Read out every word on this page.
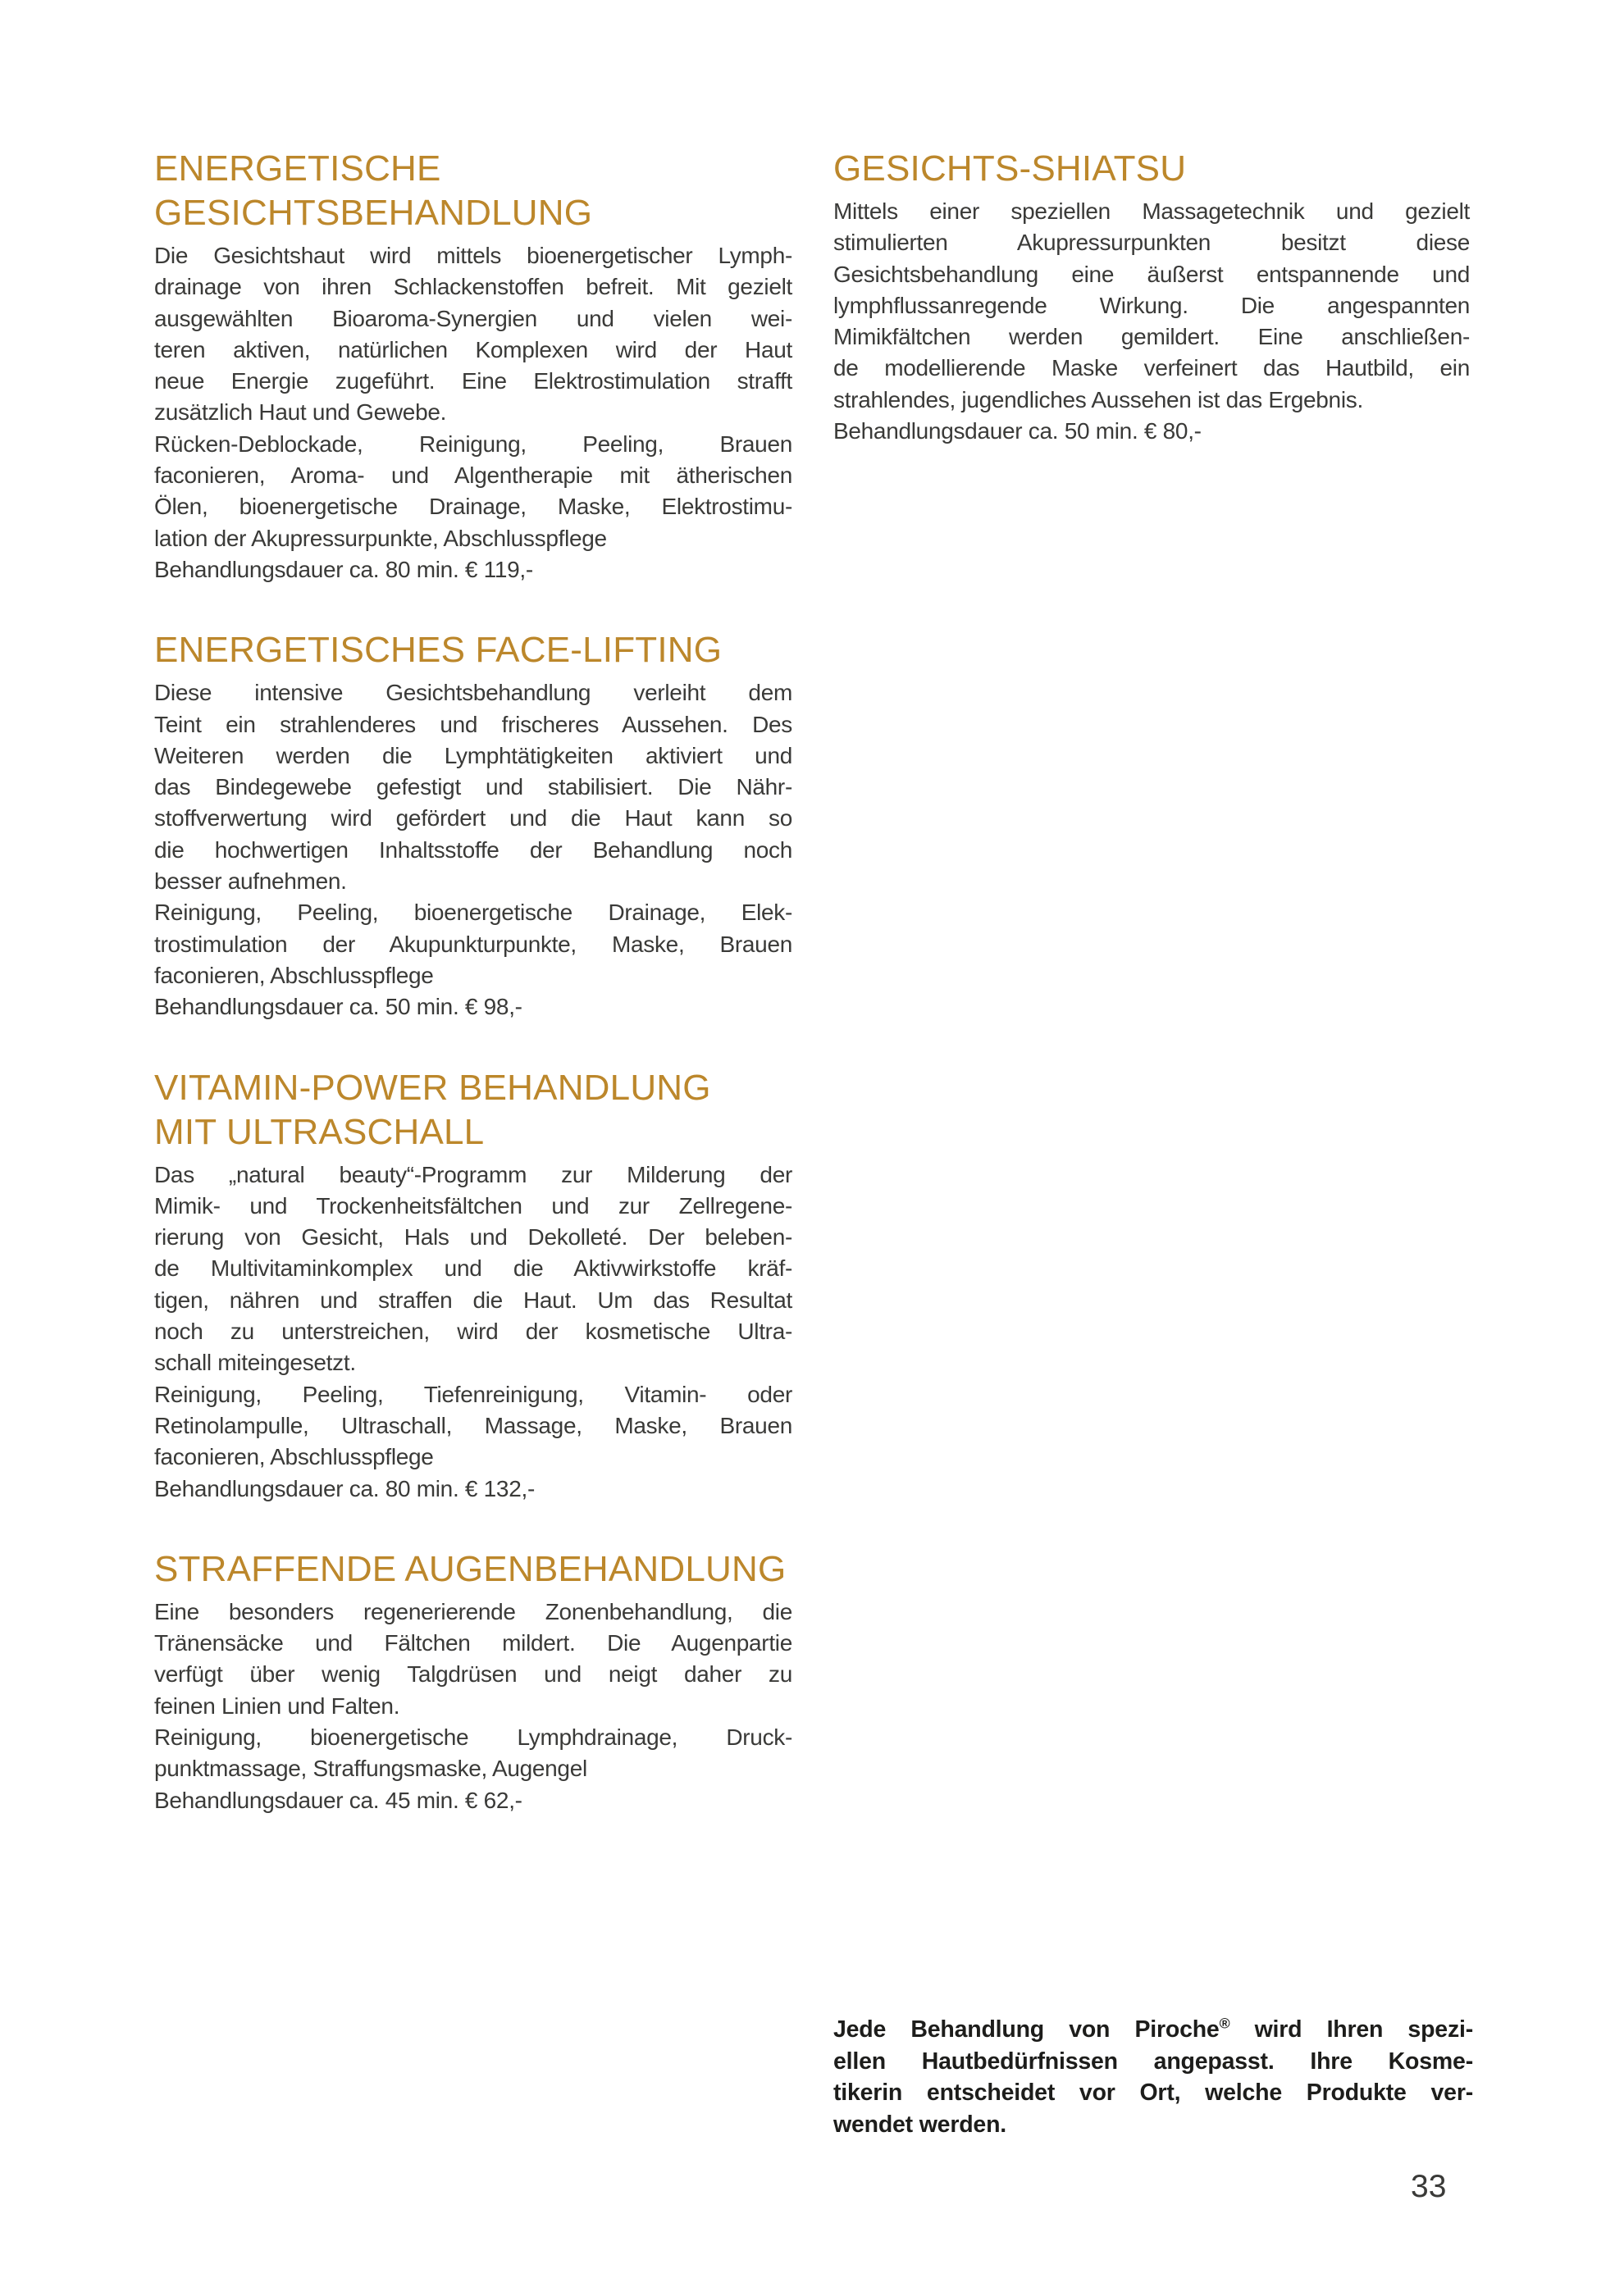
ENERGETISCHE
GESICHTSBEHANDLUNG
Die Gesichtshaut wird mittels bioenergetischer Lymph-
drainage von ihren Schlackenstoffen befreit. Mit gezielt
ausgewählten Bioaroma-Synergien und vielen wei-
teren aktiven, natürlichen Komplexen wird der Haut
neue Energie zugeführt. Eine Elektrostimulation strafft
zusätzlich Haut und Gewebe.
Rücken-Deblockade, Reinigung, Peeling, Brauen
faconieren, Aroma- und Algentherapie mit ätherischen
Ölen, bioenergetische Drainage, Maske, Elektrostimu-
lation der Akupressurpunkte, Abschlusspflege
Behandlungsdauer ca. 80 min. € 119,-
ENERGETISCHES FACE-LIFTING
Diese intensive Gesichtsbehandlung verleiht dem
Teint ein strahlenderes und frischeres Aussehen. Des
Weiteren werden die Lymphtätigkeiten aktiviert und
das Bindegewebe gefestigt und stabilisiert. Die Nähr-
stoffverwertung wird gefördert und die Haut kann so
die hochwertigen Inhaltsstoffe der Behandlung noch
besser aufnehmen.
Reinigung, Peeling, bioenergetische Drainage, Elek-
trostimulation der Akupunkturpunkte, Maske, Brauen
faconieren, Abschlusspflege
Behandlungsdauer ca. 50 min. € 98,-
VITAMIN-POWER BEHANDLUNG
MIT ULTRASCHALL
Das „natural beauty“-Programm zur Milderung der
Mimik- und Trockenheitsfältchen und zur Zellregene-
rierung von Gesicht, Hals und Dekolleté. Der beleben-
de Multivitaminkomplex und die Aktivwirkstoffe kräf-
tigen, nähren und straffen die Haut. Um das Resultat
noch zu unterstreichen, wird der kosmetische Ultra-
schall miteingesetzt.
Reinigung, Peeling, Tiefenreinigung, Vitamin- oder
Retinolampulle, Ultraschall, Massage, Maske, Brauen
faconieren, Abschlusspflege
Behandlungsdauer ca. 80 min. € 132,-
STRAFFENDE AUGENBEHANDLUNG
Eine besonders regenerierende Zonenbehandlung, die
Tränensäcke und Fältchen mildert. Die Augenpartie
verfügt über wenig Talgdrüsen und neigt daher zu
feinen Linien und Falten.
Reinigung, bioenergetische Lymphdrainage, Druck-
punktmassage, Straffungsmaske, Augengel
Behandlungsdauer ca. 45 min. € 62,-
GESICHTS-SHIATSU
Mittels einer speziellen Massagetechnik und gezielt
stimulierten Akupressurpunkten besitzt diese
Gesichtsbehandlung eine äußerst entspannende und
lymphflussanregende Wirkung. Die angespannten
Mimikfältchen werden gemildert. Eine anschließen-
de modellierende Maske verfeinert das Hautbild, ein
strahlendes, jugendliches Aussehen ist das Ergebnis.
Behandlungsdauer ca. 50 min. € 80,-
Jede Behandlung von Piroche® wird Ihren spezi-
ellen Hautbedürfnissen angepasst. Ihre Kosme-
tikerin entscheidet vor Ort, welche Produkte ver-
wendet werden.
33
